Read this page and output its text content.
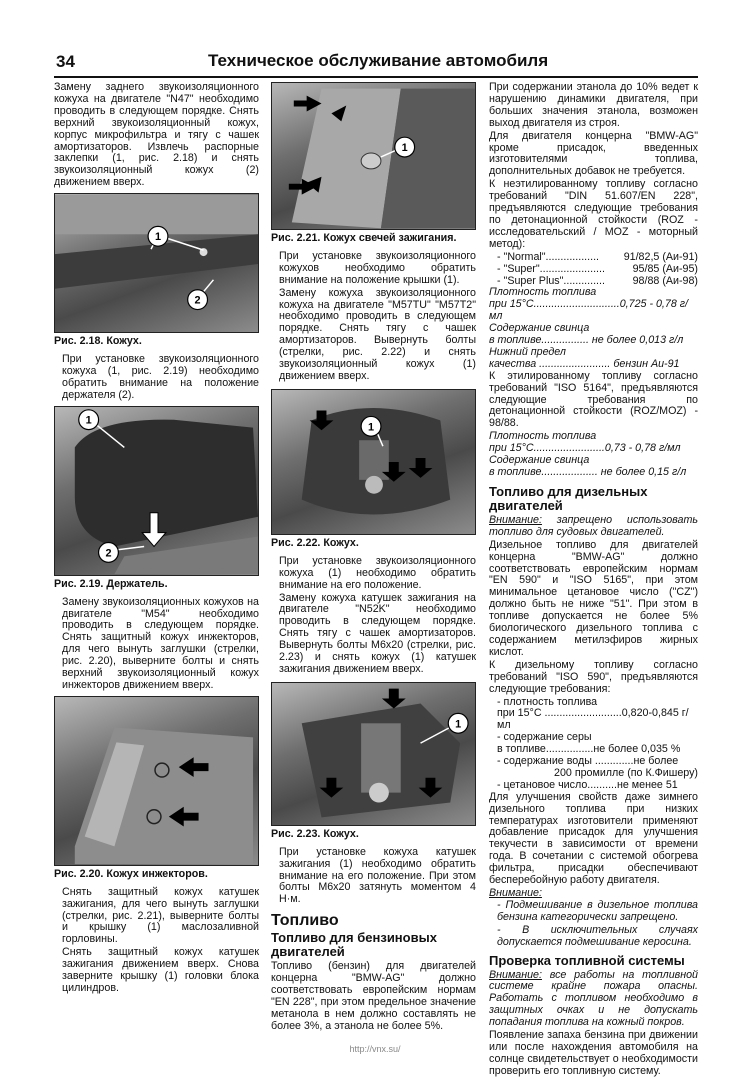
34	Техническое обслуживание автомобиля

Замену заднего звукоизоляционного кожуха на двигателе "N47" необходимо проводить в следующем порядке. Снять верхний звукоизоляционный кожух, корпус микрофильтра и тягу с чашек амортизаторов. Извлечь распорные заклепки (1, рис. 2.18) и снять звукоизоляционный кожух (2) движением вверх.

1
2
Рис. 2.18. Кожух.

При установке звукоизоляционного кожуха (1, рис. 2.19) необходимо обратить внимание на положение держателя (2).

1
2
Рис. 2.19. Держатель.

Замену звукоизоляционных кожухов на двигателе "M54" необходимо проводить в следующем порядке. Снять защитный кожух инжекторов, для чего вынуть заглушки (стрелки, рис. 2.20), выверните болты и снять верхний звукоизоляционный кожух инжекторов движением вверх.

Рис. 2.20. Кожух инжекторов.

Снять защитный кожух катушек зажигания, для чего вынуть заглушки (стрелки, рис. 2.21), выверните болты и крышку (1) маслозаливной горловины.

Снять защитный кожух катушек зажигания движением вверх. Снова заверните крышку (1) головки блока цилиндров.

1
Рис. 2.21. Кожух свечей зажигания.

При установке звукоизоляционного кожухов необходимо обратить внимание на положение крышки (1).

Замену кожуха звукоизоляционного кожуха на двигателе "M57TU" "M57T2" необходимо проводить в следующем порядке. Снять тягу с чашек амортизаторов. Вывернуть болты (стрелки, рис. 2.22) и снять звукоизоляционный кожух (1) движением вверх.

1
Рис. 2.22. Кожух.

При установке звукоизоляционного кожуха (1) необходимо обратить внимание на его положение.

Замену кожуха катушек зажигания на двигателе "N52K" необходимо проводить в следующем порядке. Снять тягу с чашек амортизаторов. Вывернуть болты M6x20 (стрелки, рис. 2.23) и снять кожух (1) катушек зажигания движением вверх.

1
Рис. 2.23. Кожух.

При установке кожуха катушек зажигания (1) необходимо обратить внимание на его положение. При этом болты M6x20 затянуть моментом 4 Н·м.

Топливо
Топливо для бензиновых двигателей

Топливо (бензин) для двигателей концерна "BMW-AG" должно соответствовать европейским нормам "EN 228", при этом предельное значение метанола в нем должно составлять не более 3%, а этанола не более 5%.

При содержании этанола до 10% ведет к нарушению динамики двигателя, при больших значения этанола, возможен выход двигателя из строя.

Для двигателя концерна "BMW-AG" кроме присадок, введенных изготовителями топлива, дополнительных добавок не требуется.

К неэтилированному топливу согласно требований "DIN 51.607/EN 228", предъявляются следующие требования по детонационной стойкости (ROZ - исследовательский / MOZ - моторный метод):

- "Normal".................. 91/82,5 (Аи-91)
- "Super"......................	95/85 (Аи-95)
- "Super Plus"..............	98/88 (Аи-98)
Плотность топлива
при 15°С.............................0,725 - 0,78 г/мл
Содержание свинца
в топливе................ не более 0,013 г/л
Нижний предел
качества ........................ бензин Аи-91

К этилированному топливу согласно требований "ISO 5164", предъявляются следующие требования по детонационной стойкости (ROZ/MOZ) - 98/88.

Плотность топлива
при 15°С........................0,73 - 0,78 г/мл
Содержание свинца
в топливе................... не более 0,15 г/л
Топливо для дизельных двигателей

Внимание: запрещено использовать топливо для судовых двигателей.

Дизельное топливо для двигателей концерна "BMW-AG" должно соответствовать европейским нормам "EN 590" и "ISO 5165", при этом минимальное цетановое число ("CZ") должно быть не ниже "51". При этом в топливе допускается не более 5% биологического дизельного топлива с содержанием метилэфиров жирных кислот.

К дизельному топливу согласно требований "ISO 590", предъявляются следующие требования:

- плотность топлива
при 15°С ..........................0,820-0,845 г/мл
- содержание серы
в топливе................не более 0,035 %
- содержание воды .............не более
200 промилле (по К.Фишеру)
- цетановое число..........не менее 51

Для улучшения свойств даже зимнего дизельного топлива при низких температурах изготовители применяют добавление присадок для улучшения текучести в зависимости от времени года. В сочетании с системой обогрева фильтра, присадки обеспечивают бесперебойную работу двигателя.

Внимание:

- Подмешивание в дизельное топлива бензина категорически запрещено.

- В исключительных случаях допускается подмешивание керосина.

Проверка топливной системы

Внимание: все работы на топливной системе крайне пожара опасны. Работать с топливом необходимо в защитных очках и не допускать попадания топлива на кожный покров.

Появление запаха бензина при движении или после нахождения автомобиля на солнце свидетельствует о необходимости проверить его топливную систему.

http://vnx.su/
